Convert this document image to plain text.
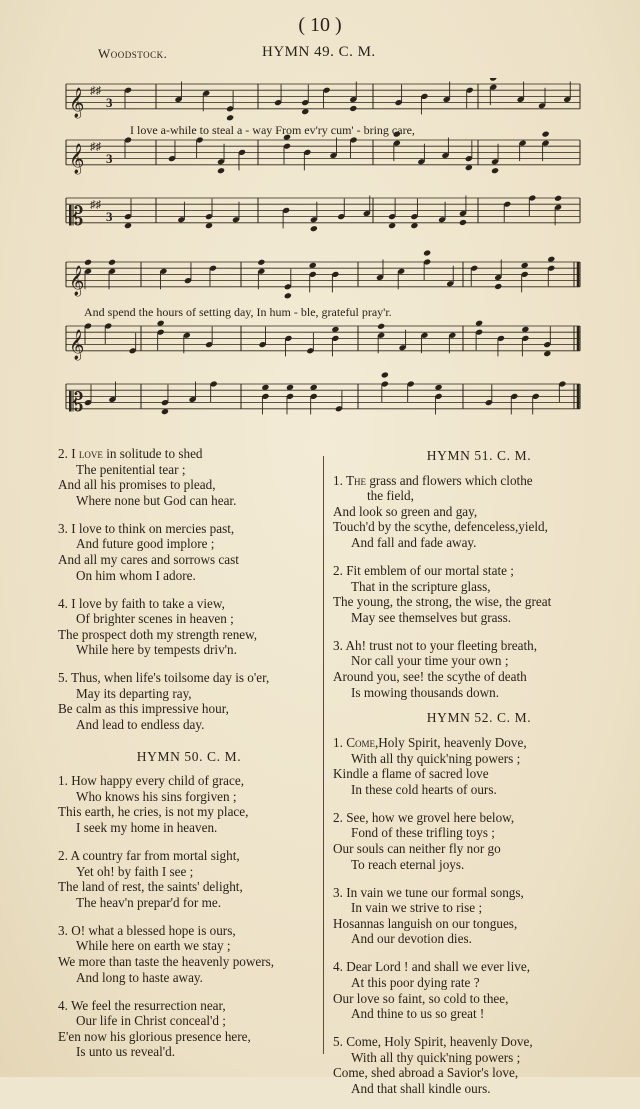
( 10 )
Woodstock.	HYMN 49. C. M.
𝄞 ♯♯
3
𝄞 ♯♯
3
𝄡 ♯♯
3
𝄞
𝄞
𝄡
I love a-while to steal a - way From ev'ry cum' - bring care,
And spend the hours of setting day, In hum - ble, grateful pray'r.
2. I love in solitude to shed
The penitential tear ;
And all his promises to plead,
Where none but God can hear.
3. I love to think on mercies past,
And future good implore ;
And all my cares and sorrows cast
On him whom I adore.
4. I love by faith to take a view,
Of brighter scenes in heaven ;
The prospect doth my strength renew,
While here by tempests driv'n.
5. Thus, when life's toilsome day is o'er,
May its departing ray,
Be calm as this impressive hour,
And lead to endless day.
HYMN 50. C. M.
1. How happy every child of grace,
Who knows his sins forgiven ;
This earth, he cries, is not my place,
I seek my home in heaven.
2. A country far from mortal sight,
Yet oh! by faith I see ;
The land of rest, the saints' delight,
The heav'n prepar'd for me.
3. O! what a blessed hope is ours,
While here on earth we stay ;
We more than taste the heavenly powers,
And long to haste away.
4. We feel the resurrection near,
Our life in Christ conceal'd ;
E'en now his glorious presence here,
Is unto us reveal'd.
HYMN 51. C. M.
1. The grass and flowers which clothe
the field,
And look so green and gay,
Touch'd by the scythe, defenceless,yield,
And fall and fade away.
2. Fit emblem of our mortal state ;
That in the scripture glass,
The young, the strong, the wise, the great
May see themselves but grass.
3. Ah! trust not to your fleeting breath,
Nor call your time your own ;
Around you, see! the scythe of death
Is mowing thousands down.
HYMN 52. C. M.
1. Come,Holy Spirit, heavenly Dove,
With all thy quick'ning powers ;
Kindle a flame of sacred love
In these cold hearts of ours.
2. See, how we grovel here below,
Fond of these trifling toys ;
Our souls can neither fly nor go
To reach eternal joys.
3. In vain we tune our formal songs,
In vain we strive to rise ;
Hosannas languish on our tongues,
And our devotion dies.
4. Dear Lord ! and shall we ever live,
At this poor dying rate ?
Our love so faint, so cold to thee,
And thine to us so great !
5. Come, Holy Spirit, heavenly Dove,
With all thy quick'ning powers ;
Come, shed abroad a Savior's love,
And that shall kindle ours.
